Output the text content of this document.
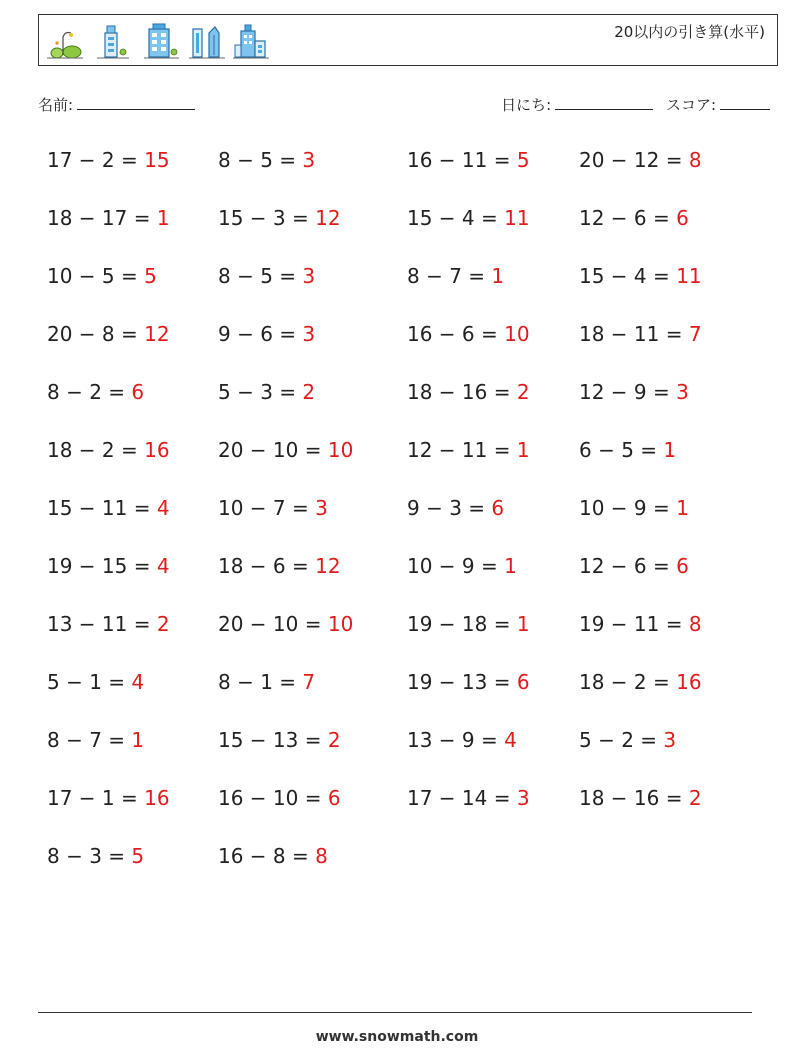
20以内の引き算(水平)
名前:	日にち:	スコア:
17 − 2 = 15	8 − 5 = 3	16 − 11 = 5	20 − 12 = 8
18 − 17 = 1	15 − 3 = 12	15 − 4 = 11	12 − 6 = 6
10 − 5 = 5	8 − 5 = 3	8 − 7 = 1	15 − 4 = 11
20 − 8 = 12	9 − 6 = 3	16 − 6 = 10	18 − 11 = 7
8 − 2 = 6	5 − 3 = 2	18 − 16 = 2	12 − 9 = 3
18 − 2 = 16	20 − 10 = 10	12 − 11 = 1	6 − 5 = 1
15 − 11 = 4	10 − 7 = 3	9 − 3 = 6	10 − 9 = 1
19 − 15 = 4	18 − 6 = 12	10 − 9 = 1	12 − 6 = 6
13 − 11 = 2	20 − 10 = 10	19 − 18 = 1	19 − 11 = 8
5 − 1 = 4	8 − 1 = 7	19 − 13 = 6	18 − 2 = 16
8 − 7 = 1	15 − 13 = 2	13 − 9 = 4	5 − 2 = 3
17 − 1 = 16	16 − 10 = 6	17 − 14 = 3	18 − 16 = 2
8 − 3 = 5	16 − 8 = 8
www.snowmath.com
